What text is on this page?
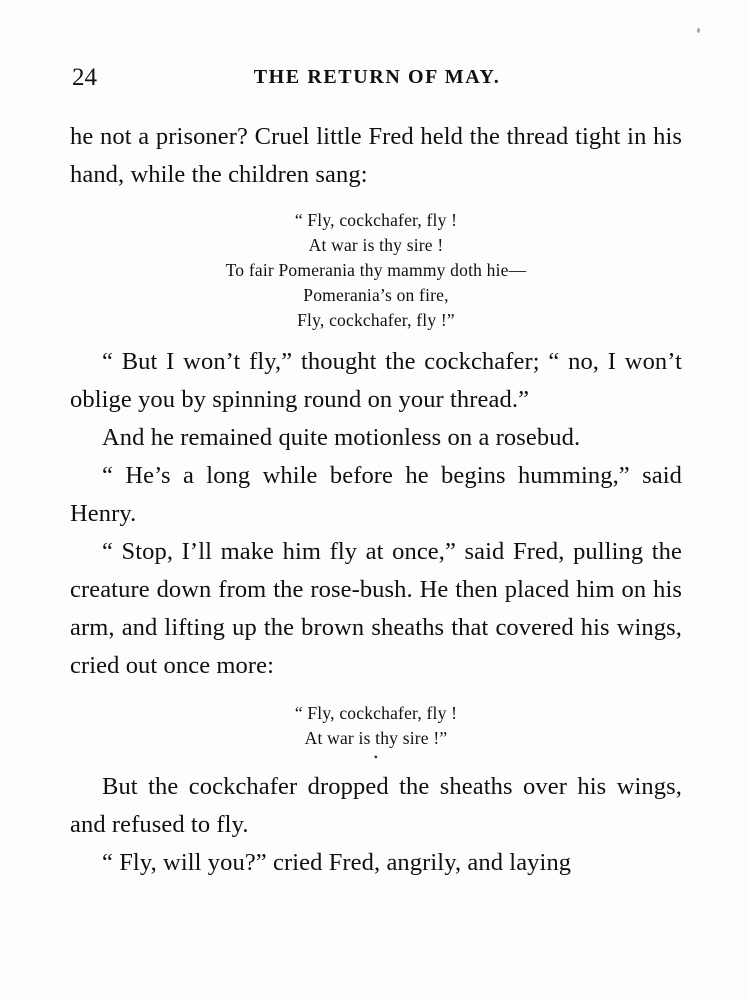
24	THE RETURN OF MAY.

he not a prisoner? Cruel little Fred held the thread tight in his hand, while the children sang:

“ Fly, cockchafer, fly !
At war is thy sire !
To fair Pomerania thy mammy doth hie—
Pomerania’s on fire,
Fly, cockchafer, fly !”

“ But I won’t fly,” thought the cockchafer; “ no, I won’t oblige you by spinning round on your thread.”

And he remained quite motionless on a rosebud.

“ He’s a long while before he begins humming,” said Henry.

“ Stop, I’ll make him fly at once,” said Fred, pulling the creature down from the rose-bush. He then placed him on his arm, and lifting up the brown sheaths that covered his wings, cried out once more:

“ Fly, cockchafer, fly !
At war is thy sire !”
•

But the cockchafer dropped the sheaths over his wings, and refused to fly.

“ Fly, will you?” cried Fred, angrily, and laying
